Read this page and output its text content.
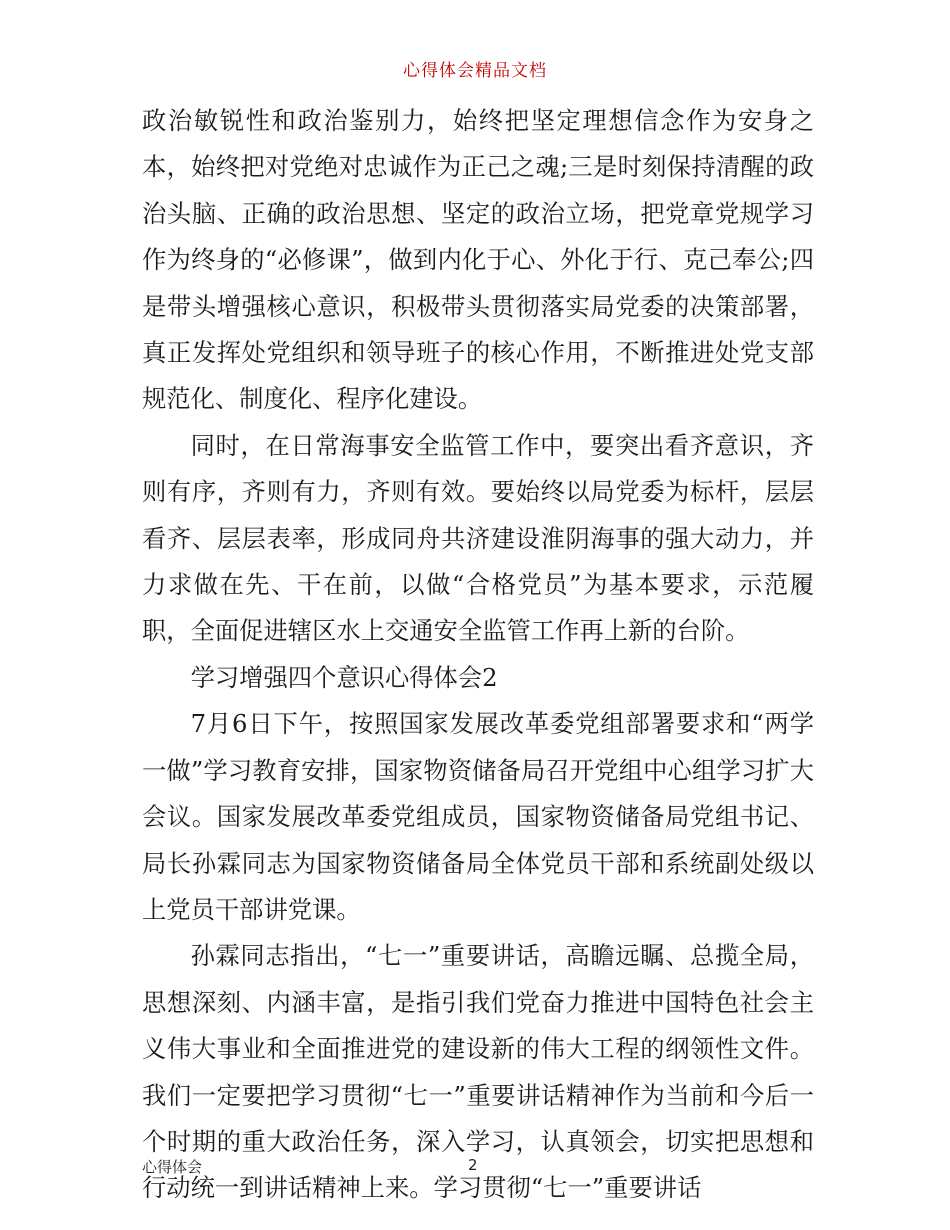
心得体会精品文档

政治敏锐性和政治鉴别力，始终把坚定理想信念作为安身之本，始终把对党绝对忠诚作为正己之魂;三是时刻保持清醒的政治头脑、正确的政治思想、坚定的政治立场，把党章党规学习作为终身的“必修课”，做到内化于心、外化于行、克己奉公;四是带头增强核心意识，积极带头贯彻落实局党委的决策部署，真正发挥处党组织和领导班子的核心作用，不断推进处党支部规范化、制度化、程序化建设。

同时，在日常海事安全监管工作中，要突出看齐意识，齐则有序，齐则有力，齐则有效。要始终以局党委为标杆，层层看齐、层层表率，形成同舟共济建设淮阴海事的强大动力，并力求做在先、干在前，以做“合格党员”为基本要求，示范履职，全面促进辖区水上交通安全监管工作再上新的台阶。

学习增强四个意识心得体会2

7月6日下午，按照国家发展改革委党组部署要求和“两学一做”学习教育安排，国家物资储备局召开党组中心组学习扩大会议。国家发展改革委党组成员，国家物资储备局党组书记、局长孙霖同志为国家物资储备局全体党员干部和系统副处级以上党员干部讲党课。

孙霖同志指出，“七一”重要讲话，高瞻远瞩、总揽全局，思想深刻、内涵丰富，是指引我们党奋力推进中国特色社会主义伟大事业和全面推进党的建设新的伟大工程的纲领性文件。我们一定要把学习贯彻“七一”重要讲话精神作为当前和今后一个时期的重大政治任务，深入学习，认真领会，切实把思想和行动统一到讲话精神上来。学习贯彻“七一”重要讲话

心得体会	2
